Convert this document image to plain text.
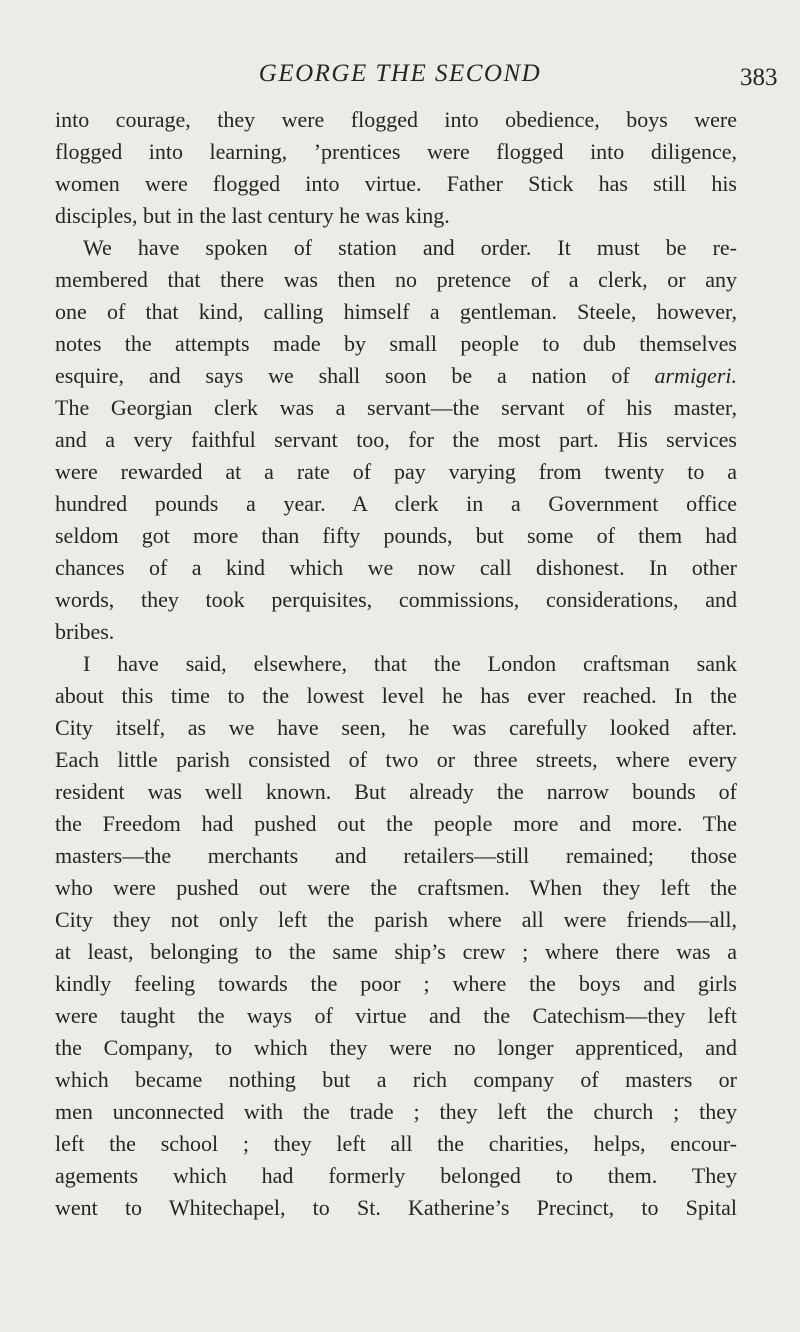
GEORGE THE SECOND	383
into courage, they were flogged into obedience, boys were
flogged into learning, ’prentices were flogged into diligence,
women were flogged into virtue. Father Stick has still his
disciples, but in the last century he was king.
We have spoken of station and order. It must be re-
membered that there was then no pretence of a clerk, or any
one of that kind, calling himself a gentleman. Steele, however,
notes the attempts made by small people to dub themselves
esquire, and says we shall soon be a nation of armigeri.
The Georgian clerk was a servant—the servant of his master,
and a very faithful servant too, for the most part. His services
were rewarded at a rate of pay varying from twenty to a
hundred pounds a year. A clerk in a Government office
seldom got more than fifty pounds, but some of them had
chances of a kind which we now call dishonest. In other
words, they took perquisites, commissions, considerations, and
bribes.
I have said, elsewhere, that the London craftsman sank
about this time to the lowest level he has ever reached. In the
City itself, as we have seen, he was carefully looked after.
Each little parish consisted of two or three streets, where every
resident was well known. But already the narrow bounds of
the Freedom had pushed out the people more and more. The
masters—the merchants and retailers—still remained; those
who were pushed out were the craftsmen. When they left the
City they not only left the parish where all were friends—all,
at least, belonging to the same ship’s crew ; where there was a
kindly feeling towards the poor ; where the boys and girls
were taught the ways of virtue and the Catechism—they left
the Company, to which they were no longer apprenticed, and
which became nothing but a rich company of masters or
men unconnected with the trade ; they left the church ; they
left the school ; they left all the charities, helps, encour-
agements which had formerly belonged to them. They
went to Whitechapel, to St. Katherine’s Precinct, to Spital
